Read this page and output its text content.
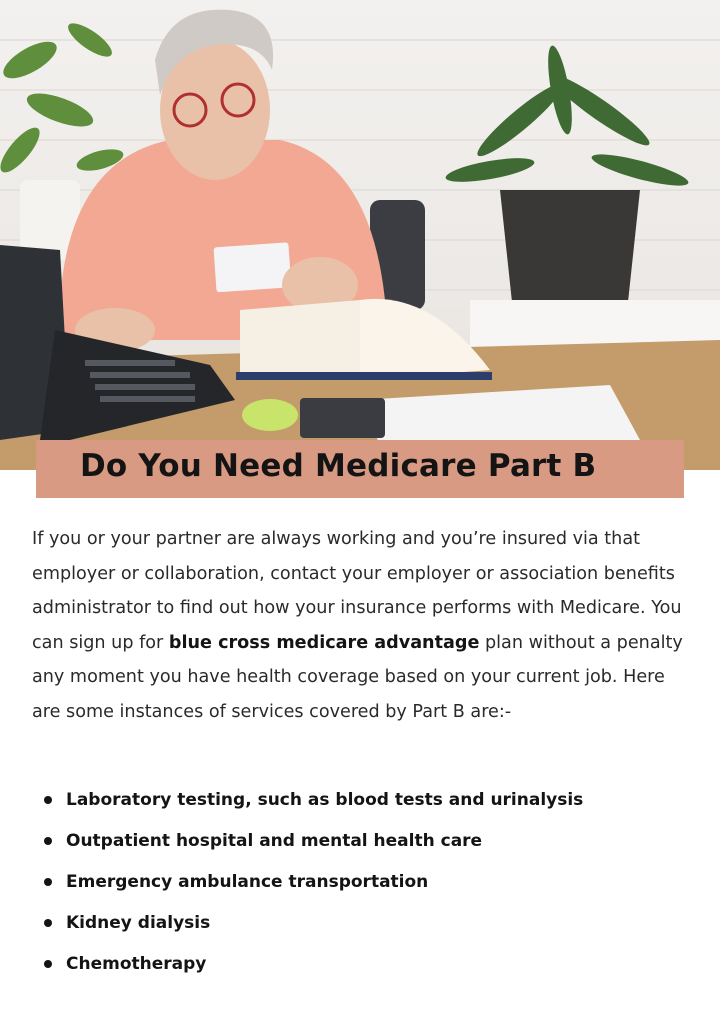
Do You Need Medicare Part B
If you or your partner are always working and you’re insured via that employer or collaboration, contact your employer or association benefits administrator to find out how your insurance performs with Medicare. You can sign up for blue cross medicare advantage plan without a penalty any moment you have health coverage based on your current job. Here are some instances of services covered by Part B are:-
Laboratory testing, such as blood tests and urinalysis
Outpatient hospital and mental health care
Emergency ambulance transportation
Kidney dialysis
Chemotherapy
